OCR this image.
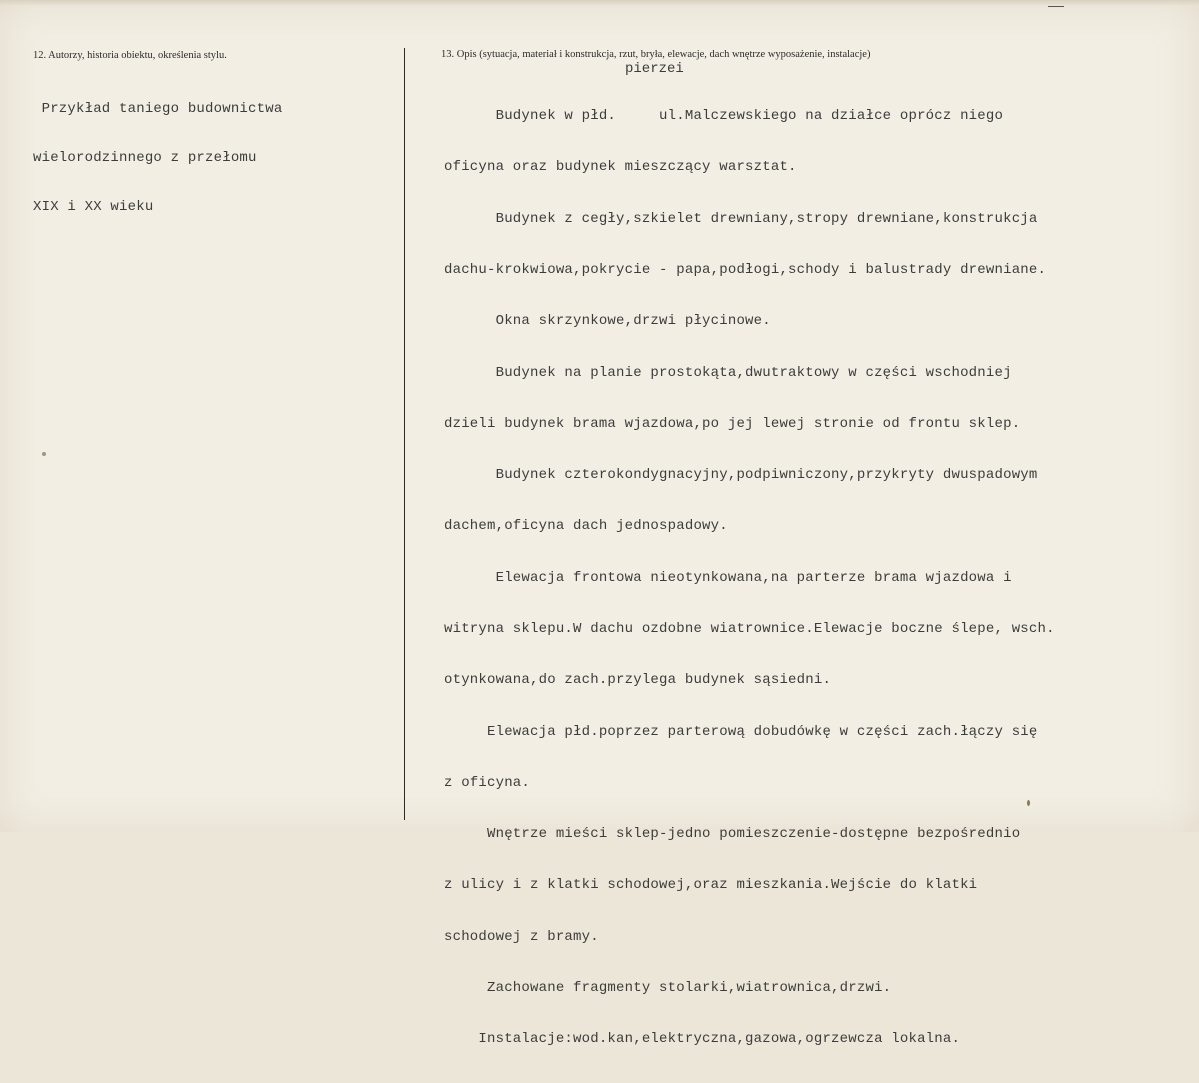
12. Autorzy, historia obiektu, określenia stylu.

Przykład taniego budownictwa

wielorodzinnego z przełomu

XIX i XX wieku

13. Opis (sytuacja, materiał i konstrukcja, rzut, bryła, elewacje, dach wnętrze wyposażenie, instalacje)
pierzei

Budynek w płd.     ul.Malczewskiego na działce oprócz niego

oficyna oraz budynek mieszczący warsztat.

Budynek z cegły,szkielet drewniany,stropy drewniane,konstrukcja

dachu-krokwiowa,pokrycie - papa,podłogi,schody i balustrady drewniane.

Okna skrzynkowe,drzwi płycinowe.

Budynek na planie prostokąta,dwutraktowy w części wschodniej

dzieli budynek brama wjazdowa,po jej lewej stronie od frontu sklep.

Budynek czterokondygnacyjny,podpiwniczony,przykryty dwuspadowym

dachem,oficyna dach jednospadowy.

Elewacja frontowa nieotynkowana,na parterze brama wjazdowa i

witryna sklepu.W dachu ozdobne wiatrownice.Elewacje boczne ślepe, wsch.

otynkowana,do zach.przylega budynek sąsiedni.

Elewacja płd.poprzez parterową dobudówkę w części zach.łączy się

z oficyna.

Wnętrze mieści sklep-jedno pomieszczenie-dostępne bezpośrednio

z ulicy i z klatki schodowej,oraz mieszkania.Wejście do klatki

schodowej z bramy.

Zachowane fragmenty stolarki,wiatrownica,drzwi.

Instalacje:wod.kan,elektryczna,gazowa,ogrzewcza lokalna.
